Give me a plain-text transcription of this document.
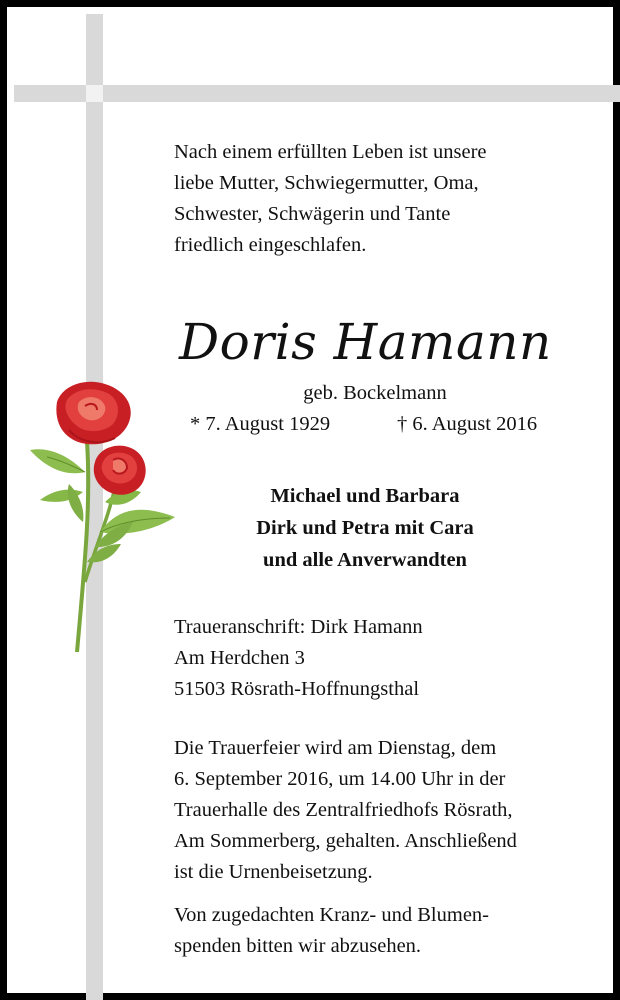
Nach einem erfüllten Leben ist unsere
liebe Mutter, Schwiegermutter, Oma,
Schwester, Schwägerin und Tante
friedlich eingeschlafen.
Doris Hamann
geb. Bockelmann
* 7. August 1929	† 6. August 2016
Michael und Barbara
Dirk und Petra mit Cara
und alle Anverwandten
Traueranschrift: Dirk Hamann
Am Herdchen 3
51503 Rösrath-Hoffnungsthal
Die Trauerfeier wird am Dienstag, dem
6. September 2016, um 14.00 Uhr in der
Trauerhalle des Zentralfriedhofs Rösrath,
Am Sommerberg, gehalten. Anschließend
ist die Urnenbeisetzung.
Von zugedachten Kranz- und Blumen-
spenden bitten wir abzusehen.
